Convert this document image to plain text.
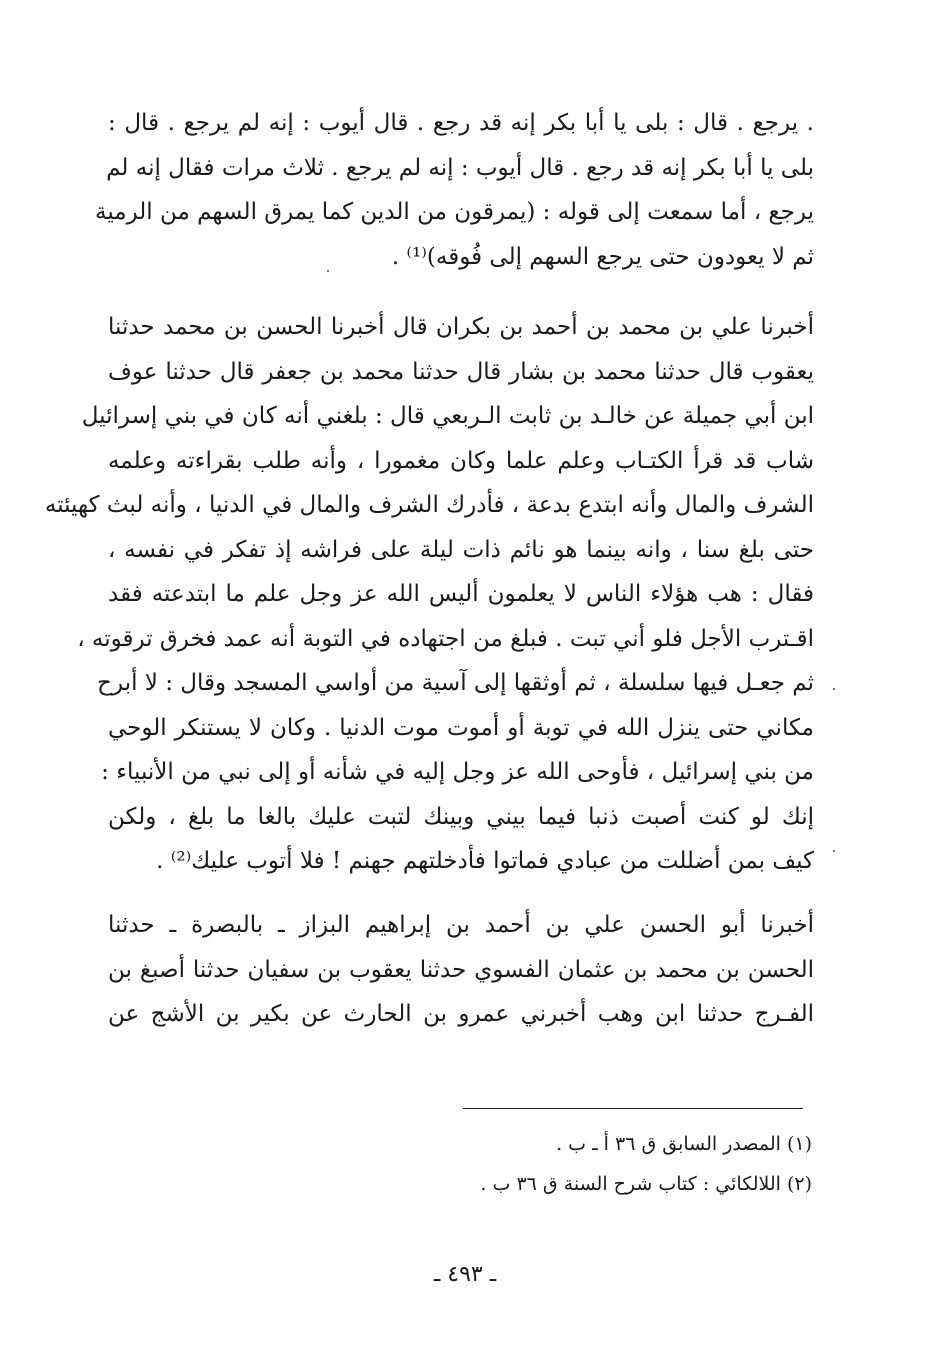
. يرجع . قال : بلى يا أبا بكر إنه قد رجع . قال أيوب : إنه لم يرجع . قال :
بلى يا أبا بكر إنه قد رجع . قال أيوب : إنه لم يرجع . ثلاث مرات فقال إنه لم
يرجع ، أما سمعت إلى قوله : (يمرقون من الدين كما يمرق السهم من الرمية
ثم لا يعودون حتى يرجع السهم إلى فُوقه)⁽¹⁾ .
أخبرنا علي بن محمد بن أحمد بن بكران قال أخبرنا الحسن بن محمد حدثنا
يعقوب قال حدثنا محمد بن بشار قال حدثنا محمد بن جعفر قال حدثنا عوف
ابن أبي جميلة عن خالـد بن ثابت الـربعي قال : بلغني أنه كان في بني إسرائيل
شاب قد قرأ الكتـاب وعلم علما وكان مغمورا ، وأنه طلب بقراءته وعلمه
الشرف والمال وأنه ابتدع بدعة ، فأدرك الشرف والمال في الدنيا ، وأنه لبث كهيئته
حتى بلغ سنا ، وانه بينما هو نائم ذات ليلة على فراشه إذ تفكر في نفسه ،
فقال : هب هؤلاء الناس لا يعلمون أليس الله عز وجل علم ما ابتدعته فقد
اقـترب الأجل فلو أني تبت . فبلغ من اجتهاده في التوبة أنه عمد فخرق ترقوته ،
ثم جعـل فيها سلسلة ، ثم أوثقها إلى آسية من أواسي المسجد وقال : لا أبرح
مكاني حتى ينزل الله في توبة أو أموت موت الدنيا . وكان لا يستنكر الوحي
من بني إسرائيل ، فأوحى الله عز وجل إليه في شأنه أو إلى نبي من الأنبياء :
إنك لو كنت أصبت ذنبا فيما بيني وبينك لتبت عليك بالغا ما بلغ ، ولكن
كيف بمن أضللت من عبادي فماتوا فأدخلتهم جهنم ! فلا أتوب عليك⁽²⁾ .
أخبرنا أبو الحسن علي بن أحمد بن إبراهيم البزاز ـ بالبصرة ـ حدثنا
الحسن بن محمد بن عثمان الفسوي حدثنا يعقوب بن سفيان حدثنا أصبغ بن
الفـرج حدثنا ابن وهب أخبرني عمرو بن الحارث عن بكير بن الأشج عن
(١) المصدر السابق ق ٣٦ أ ـ ب .
(٢) اللالكائي : كتاب شرح السنة ق ٣٦ ب .
ـ ٤٩٣ ـ
